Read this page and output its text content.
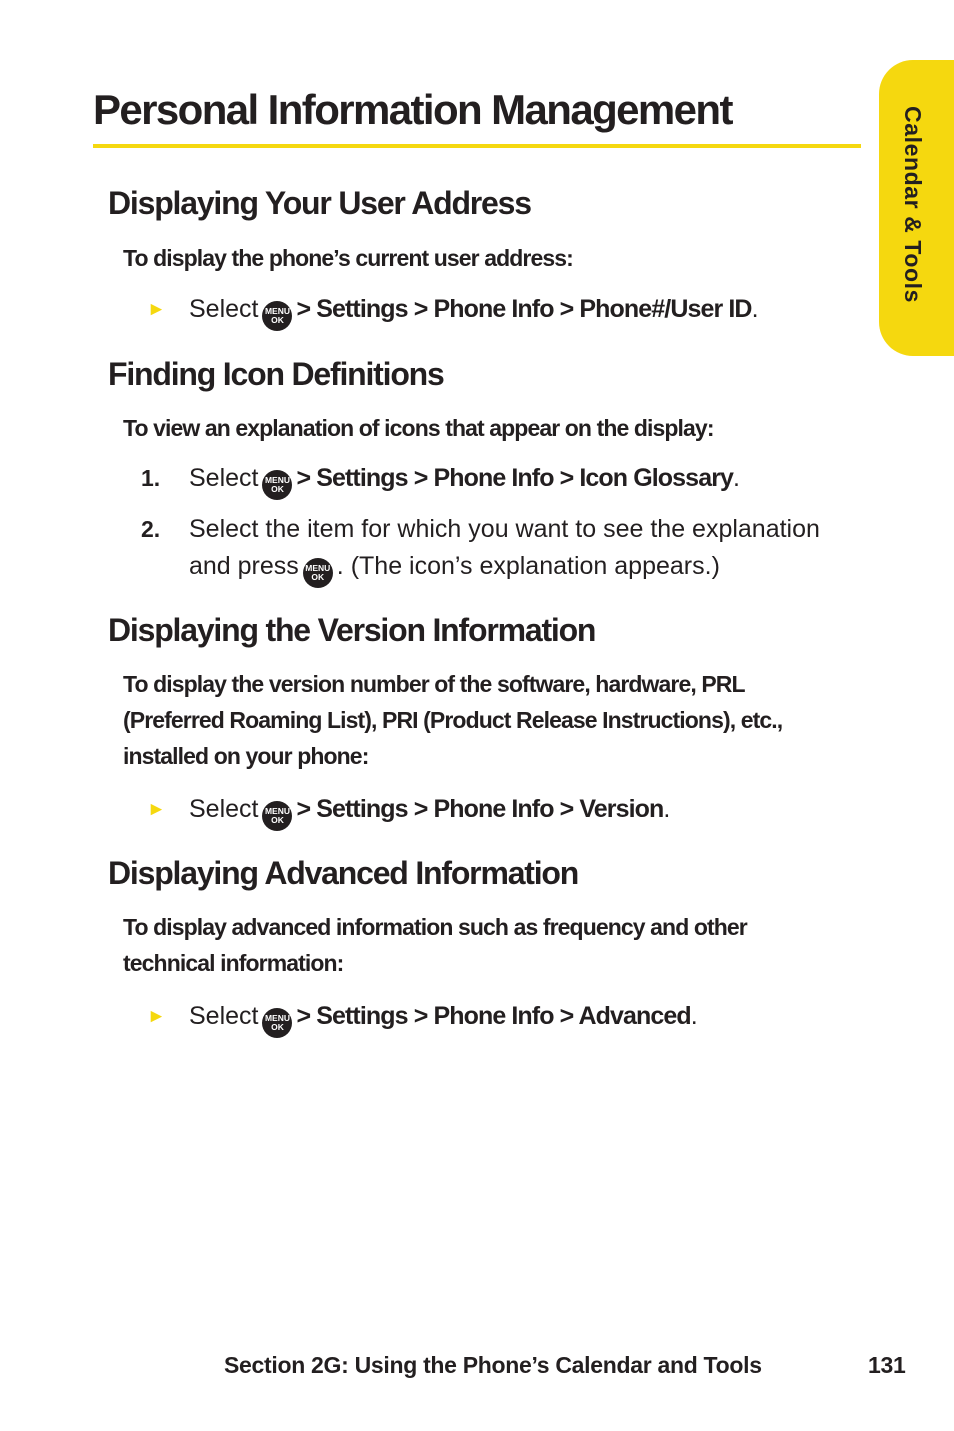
Personal Information Management	Calendar & Tools
Displaying Your User Address

To display the phone’s current user address:

► Select MENU
OK > Settings > Phone Info > Phone#/User ID.

Finding Icon Definitions

To view an explanation of icons that appear on the display:

1. Select MENU
OK > Settings > Phone Info > Icon Glossary.

2. Select the item for which you want to see the explanation
and press MENU
OK . (The icon’s explanation appears.)

Displaying the Version Information

To display the version number of the software, hardware, PRL

(Preferred Roaming List), PRI (Product Release Instructions), etc.,

installed on your phone:

► Select MENU
OK > Settings > Phone Info > Version.

Displaying Advanced Information

To display advanced information such as frequency and other

technical information:

► Select MENU
OK > Settings > Phone Info > Advanced.

Section 2G: Using the Phone’s Calendar and Tools	131
